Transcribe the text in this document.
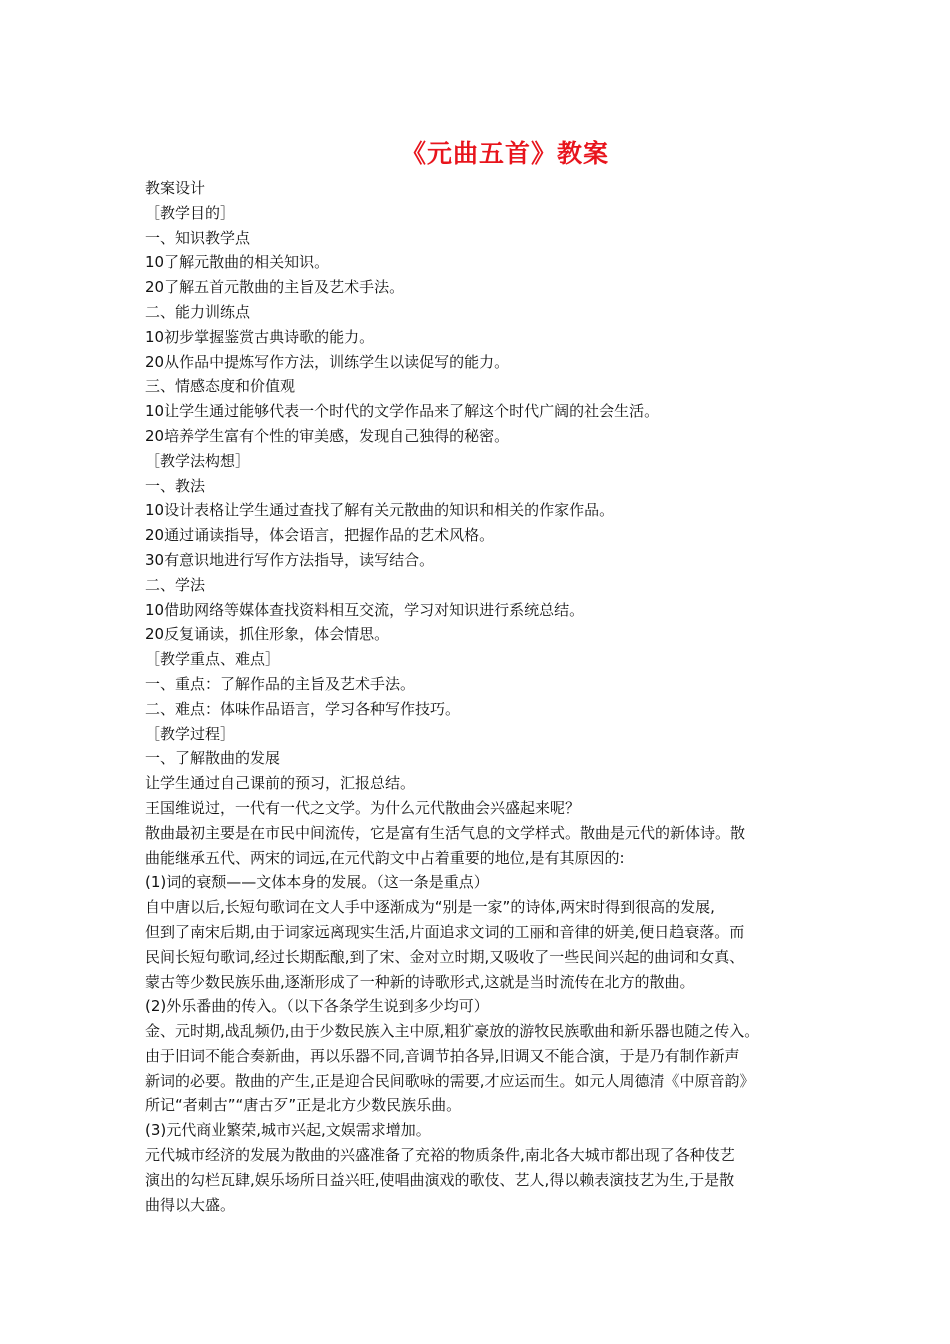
《元曲五首》教案
教案设计
［教学目的］
一、知识教学点
10了解元散曲的相关知识。
20了解五首元散曲的主旨及艺术手法。
二、能力训练点
10初步掌握鉴赏古典诗歌的能力。
20从作品中提炼写作方法，训练学生以读促写的能力。
三、情感态度和价值观
10让学生通过能够代表一个时代的文学作品来了解这个时代广阔的社会生活。
20培养学生富有个性的审美感，发现自己独得的秘密。
［教学法构想］
一、教法
10设计表格让学生通过查找了解有关元散曲的知识和相关的作家作品。
20通过诵读指导，体会语言，把握作品的艺术风格。
30有意识地进行写作方法指导，读写结合。
二、学法
10借助网络等媒体查找资料相互交流，学习对知识进行系统总结。
20反复诵读，抓住形象，体会情思。
［教学重点、难点］
一、重点：了解作品的主旨及艺术手法。
二、难点：体味作品语言，学习各种写作技巧。
［教学过程］
一、了解散曲的发展
让学生通过自己课前的预习，汇报总结。
王国维说过，一代有一代之文学。为什么元代散曲会兴盛起来呢？
散曲最初主要是在市民中间流传，它是富有生活气息的文学样式。散曲是元代的新体诗。散
曲能继承五代、两宋的词远,在元代韵文中占着重要的地位,是有其原因的:
(1)词的衰颓——文体本身的发展。（这一条是重点）
自中唐以后,长短句歌词在文人手中逐渐成为“别是一家”的诗体,两宋时得到很高的发展,
但到了南宋后期,由于词家远离现实生活,片面追求文词的工丽和音律的妍美,便日趋衰落。而
民间长短句歌词,经过长期酝酿,到了宋、金对立时期,又吸收了一些民间兴起的曲词和女真、
蒙古等少数民族乐曲,逐渐形成了一种新的诗歌形式,这就是当时流传在北方的散曲。
(2)外乐番曲的传入。（以下各条学生说到多少均可）
金、元时期,战乱频仍,由于少数民族入主中原,粗犷豪放的游牧民族歌曲和新乐器也随之传入。
由于旧词不能合奏新曲，再以乐器不同,音调节拍各异,旧调又不能合演，于是乃有制作新声
新词的必要。散曲的产生,正是迎合民间歌咏的需要,才应运而生。如元人周德清《中原音韵》
所记“者刺古”“唐古歹”正是北方少数民族乐曲。
(3)元代商业繁荣,城市兴起,文娱需求增加。
元代城市经济的发展为散曲的兴盛准备了充裕的物质条件,南北各大城市都出现了各种伎艺
演出的勾栏瓦肆,娱乐场所日益兴旺,使唱曲演戏的歌伎、艺人,得以赖表演技艺为生,于是散
曲得以大盛。
